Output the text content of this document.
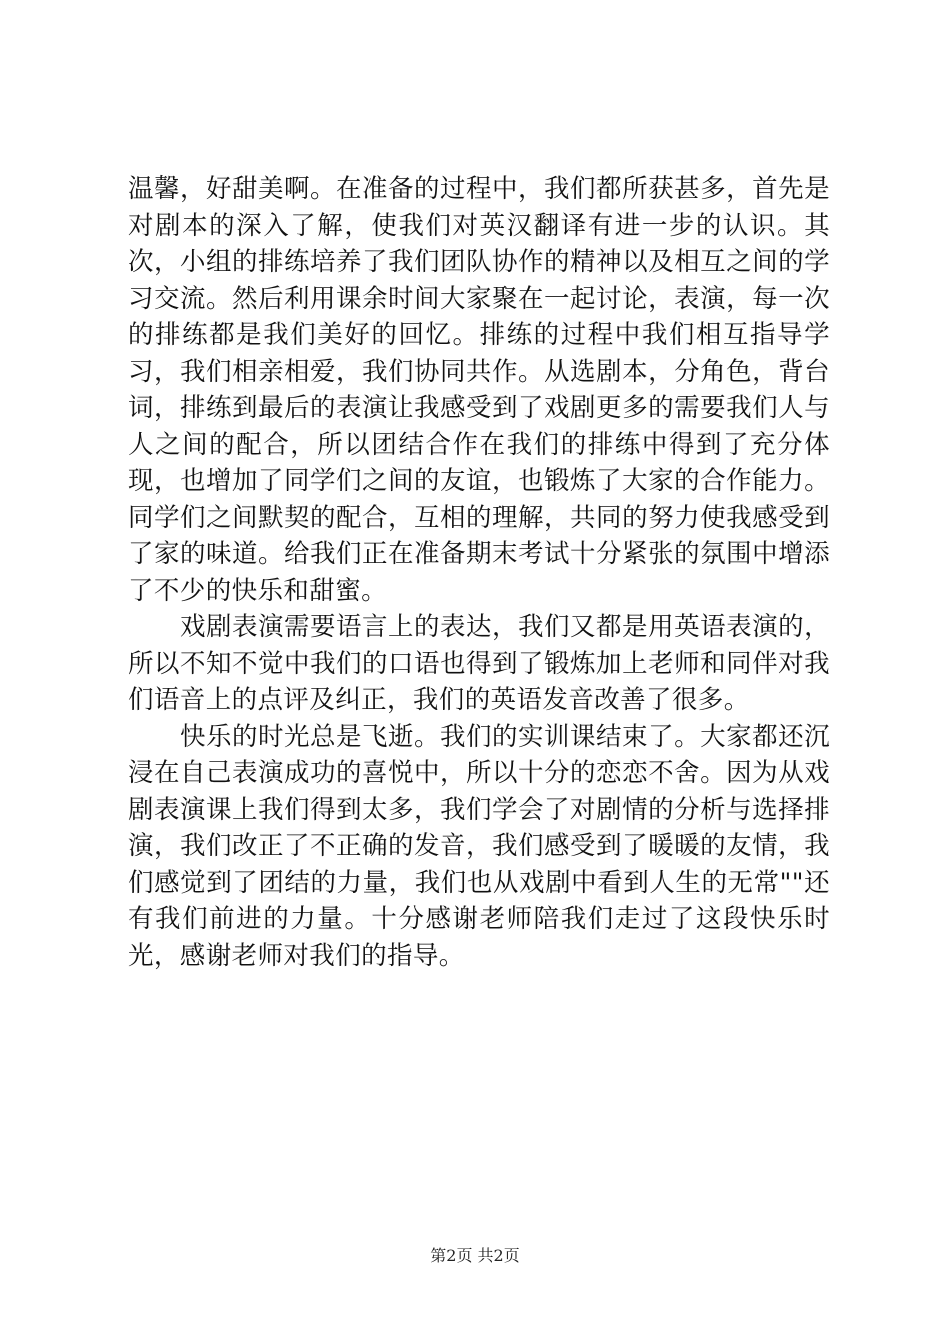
温馨，好甜美啊。在准备的过程中，我们都所获甚多，首先是对剧本的深入了解，使我们对英汉翻译有进一步的认识。其次，小组的排练培养了我们团队协作的精神以及相互之间的学习交流。然后利用课余时间大家聚在一起讨论，表演，每一次的排练都是我们美好的回忆。排练的过程中我们相互指导学习，我们相亲相爱，我们协同共作。从选剧本，分角色，背台词，排练到最后的表演让我感受到了戏剧更多的需要我们人与人之间的配合，所以团结合作在我们的排练中得到了充分体现，也增加了同学们之间的友谊，也锻炼了大家的合作能力。同学们之间默契的配合，互相的理解，共同的努力使我感受到了家的味道。给我们正在准备期末考试十分紧张的氛围中增添了不少的快乐和甜蜜。

戏剧表演需要语言上的表达，我们又都是用英语表演的，所以不知不觉中我们的口语也得到了锻炼加上老师和同伴对我们语音上的点评及纠正，我们的英语发音改善了很多。

快乐的时光总是飞逝。我们的实训课结束了。大家都还沉浸在自己表演成功的喜悦中，所以十分的恋恋不舍。因为从戏剧表演课上我们得到太多，我们学会了对剧情的分析与选择排演，我们改正了不正确的发音，我们感受到了暖暖的友情，我们感觉到了团结的力量，我们也从戏剧中看到人生的无常""还有我们前进的力量。十分感谢老师陪我们走过了这段快乐时光，感谢老师对我们的指导。

第2页 共2页
